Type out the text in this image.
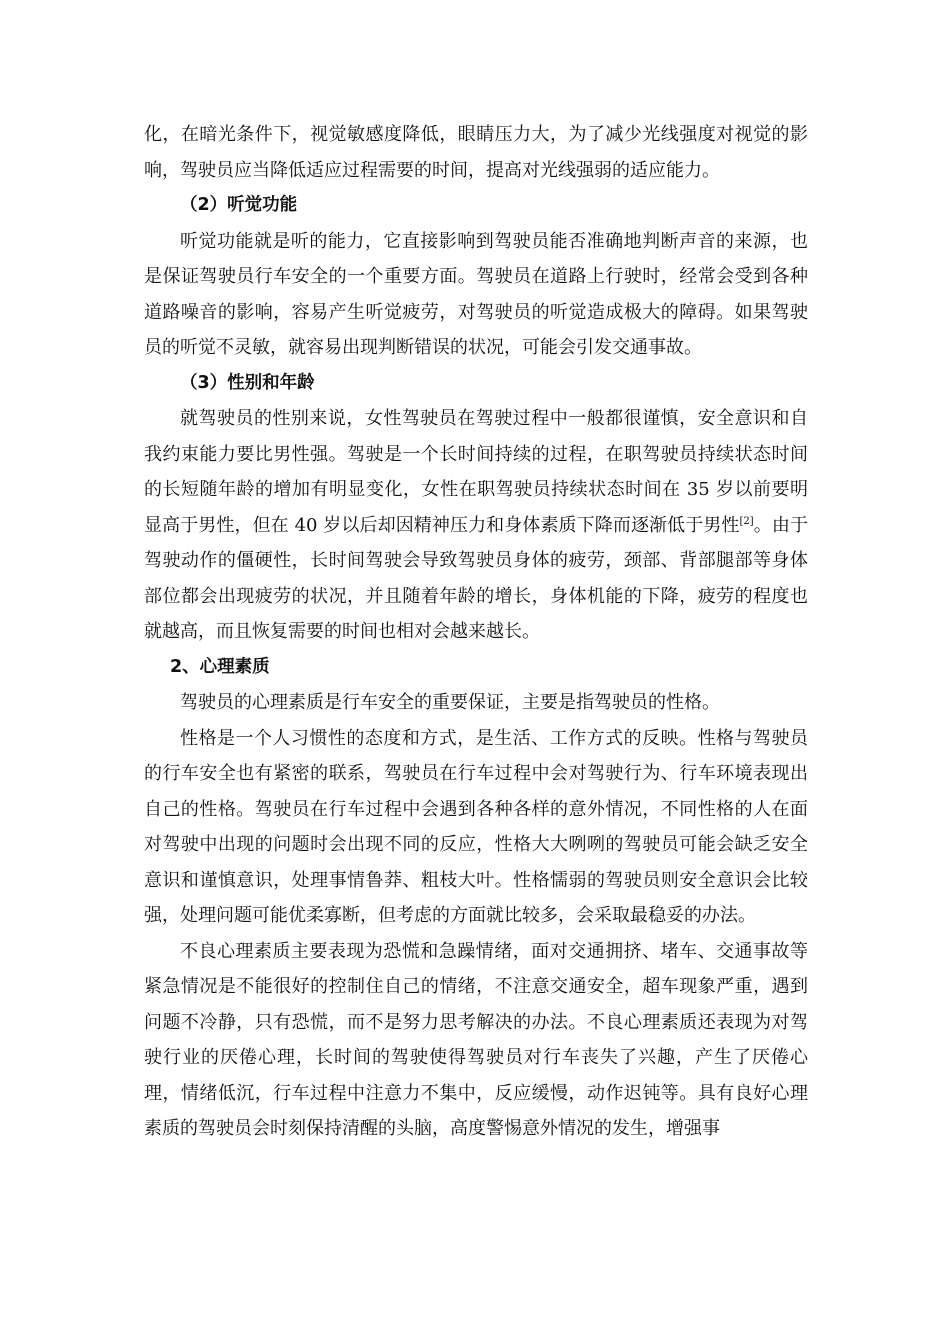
化，在暗光条件下，视觉敏感度降低，眼睛压力大，为了减少光线强度对视觉的影响，驾驶员应当降低适应过程需要的时间，提高对光线强弱的适应能力。

（2）听觉功能

听觉功能就是听的能力，它直接影响到驾驶员能否准确地判断声音的来源，也是保证驾驶员行车安全的一个重要方面。驾驶员在道路上行驶时，经常会受到各种道路噪音的影响，容易产生听觉疲劳，对驾驶员的听觉造成极大的障碍。如果驾驶员的听觉不灵敏，就容易出现判断错误的状况，可能会引发交通事故。

（3）性别和年龄

就驾驶员的性别来说，女性驾驶员在驾驶过程中一般都很谨慎，安全意识和自我约束能力要比男性强。驾驶是一个长时间持续的过程，在职驾驶员持续状态时间的长短随年龄的增加有明显变化，女性在职驾驶员持续状态时间在 35 岁以前要明显高于男性，但在 40 岁以后却因精神压力和身体素质下降而逐渐低于男性[2]。由于驾驶动作的僵硬性，长时间驾驶会导致驾驶员身体的疲劳，颈部、背部腿部等身体部位都会出现疲劳的状况，并且随着年龄的增长，身体机能的下降，疲劳的程度也就越高，而且恢复需要的时间也相对会越来越长。

2、心理素质

驾驶员的心理素质是行车安全的重要保证，主要是指驾驶员的性格。

性格是一个人习惯性的态度和方式，是生活、工作方式的反映。性格与驾驶员的行车安全也有紧密的联系，驾驶员在行车过程中会对驾驶行为、行车环境表现出自己的性格。驾驶员在行车过程中会遇到各种各样的意外情况，不同性格的人在面对驾驶中出现的问题时会出现不同的反应，性格大大咧咧的驾驶员可能会缺乏安全意识和谨慎意识，处理事情鲁莽、粗枝大叶。性格懦弱的驾驶员则安全意识会比较强，处理问题可能优柔寡断，但考虑的方面就比较多，会采取最稳妥的办法。

不良心理素质主要表现为恐慌和急躁情绪，面对交通拥挤、堵车、交通事故等紧急情况是不能很好的控制住自己的情绪，不注意交通安全，超车现象严重，遇到问题不冷静，只有恐慌，而不是努力思考解决的办法。不良心理素质还表现为对驾驶行业的厌倦心理，长时间的驾驶使得驾驶员对行车丧失了兴趣，产生了厌倦心理，情绪低沉，行车过程中注意力不集中，反应缓慢，动作迟钝等。具有良好心理素质的驾驶员会时刻保持清醒的头脑，高度警惕意外情况的发生，增强事
